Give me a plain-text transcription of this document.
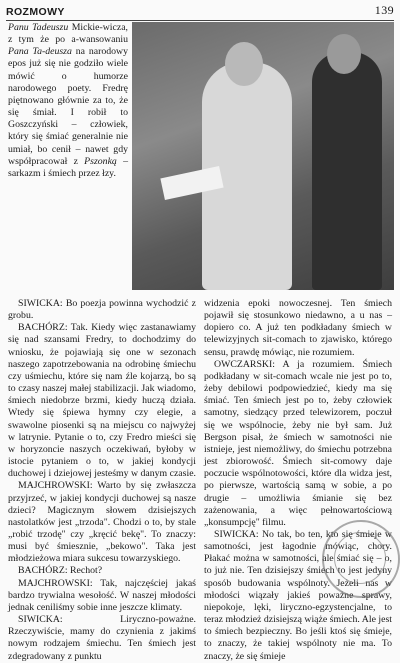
ROZMOWY	139

Panu Tadeuszu Mickie-wicza, z tym że po a-wansowaniu Pana Ta-deusza na narodowy epos już się nie godziło wiele mówić o humorze narodowego poety. Fredrę piętnowano głównie za to, że się śmiał. I robił to Goszczyński – człowiek, który się śmiać generalnie nie umiał, bo cenił – nawet gdy współpracował z Pszonką – sarkazm i śmiech przez łzy.

SIWICKA: Bo poezja powinna wychodzić z grobu.

BACHÓRZ: Tak. Kiedy więc zastanawiamy się nad szansami Fredry, to dochodzimy do wniosku, że pojawiają się one w sezonach naszego zapotrzebowania na odrobinę śmiechu czy uśmiechu, które się nam źle kojarzą, bo są to czasy naszej małej stabilizacji. Jak wiadomo, śmiech niedobrze brzmi, kiedy huczą działa. Wtedy się śpiewa hymny czy elegie, a swawolne piosenki są na miejscu co najwyżej w latrynie. Pytanie o to, czy Fredro mieści się w horyzoncie naszych oczekiwań, byłoby w istocie pytaniem o to, w jakiej kondycji duchowej i dziejowej jesteśmy w danym czasie.

MAJCHROWSKI: Warto by się zwłaszcza przyjrzeć, w jakiej kondycji duchowej są nasze dzieci? Magicznym słowem dzisiejszych nastolatków jest „trzoda". Chodzi o to, by stale „robić trzodę" czy „kręcić bekę". To znaczy: musi być śmiesznie, „bekowo". Taka jest młodzieżowa miara sukcesu towarzyskiego.

BACHÓRZ: Rechot?

MAJCHROWSKI: Tak, najczęściej jakaś bardzo trywialna wesołość. W naszej młodości jednak ceniliśmy sobie inne jeszcze klimaty.

SIWICKA:	Liryczno-poważne. Rzeczywiście, mamy do czynienia z jakimś nowym rodzajem śmiechu. Ten śmiech jest zdegradowany z punktu

widzenia epoki nowoczesnej. Ten śmiech pojawił się stosunkowo niedawno, a u nas – dopiero co. A już ten podkładany śmiech w telewizyjnych sit-comach to zjawisko, którego sensu, prawdę mówiąc, nie rozumiem.

OWCZARSKI: A ja rozumiem. Śmiech podkładany w sit-comach wcale nie jest po to, żeby debilowi podpowiedzieć, kiedy ma się śmiać. Ten śmiech jest po to, żeby człowiek samotny, siedzący przed telewizorem, poczuł się we wspólnocie, żeby nie był sam. Już Bergson pisał, że śmiech w samotności nie istnieje, jest niemożliwy, do śmiechu potrzebna jest zbiorowość. Śmiech sit-comowy daje poczucie wspólnotowości, które dla widza jest, po pierwsze, wartością samą w sobie, a po drugie – umożliwia śmianie się bez zażenowania, a więc pełnowartościową „konsumpcję" filmu.

SIWICKA: No tak, bo ten, kto się śmieje w samotności, jest łagodnie mówiąc, chory. Płakać można w samotności, ale śmiać się – o, to już nie. Ten dzisiejszy śmiech to jest jedyny sposób budowania wspólnoty. Jeżeli nas w młodości wiązały jakieś poważne sprawy, niepokoje, lęki, liryczno-egzystencjalne, to teraz młodzież dzisiejszą wiąże śmiech. Ale jest to śmiech bezpieczny. Bo jeśli ktoś się śmieje, to znaczy, że takiej wspólnoty nie ma. To znaczy, że się śmieje
